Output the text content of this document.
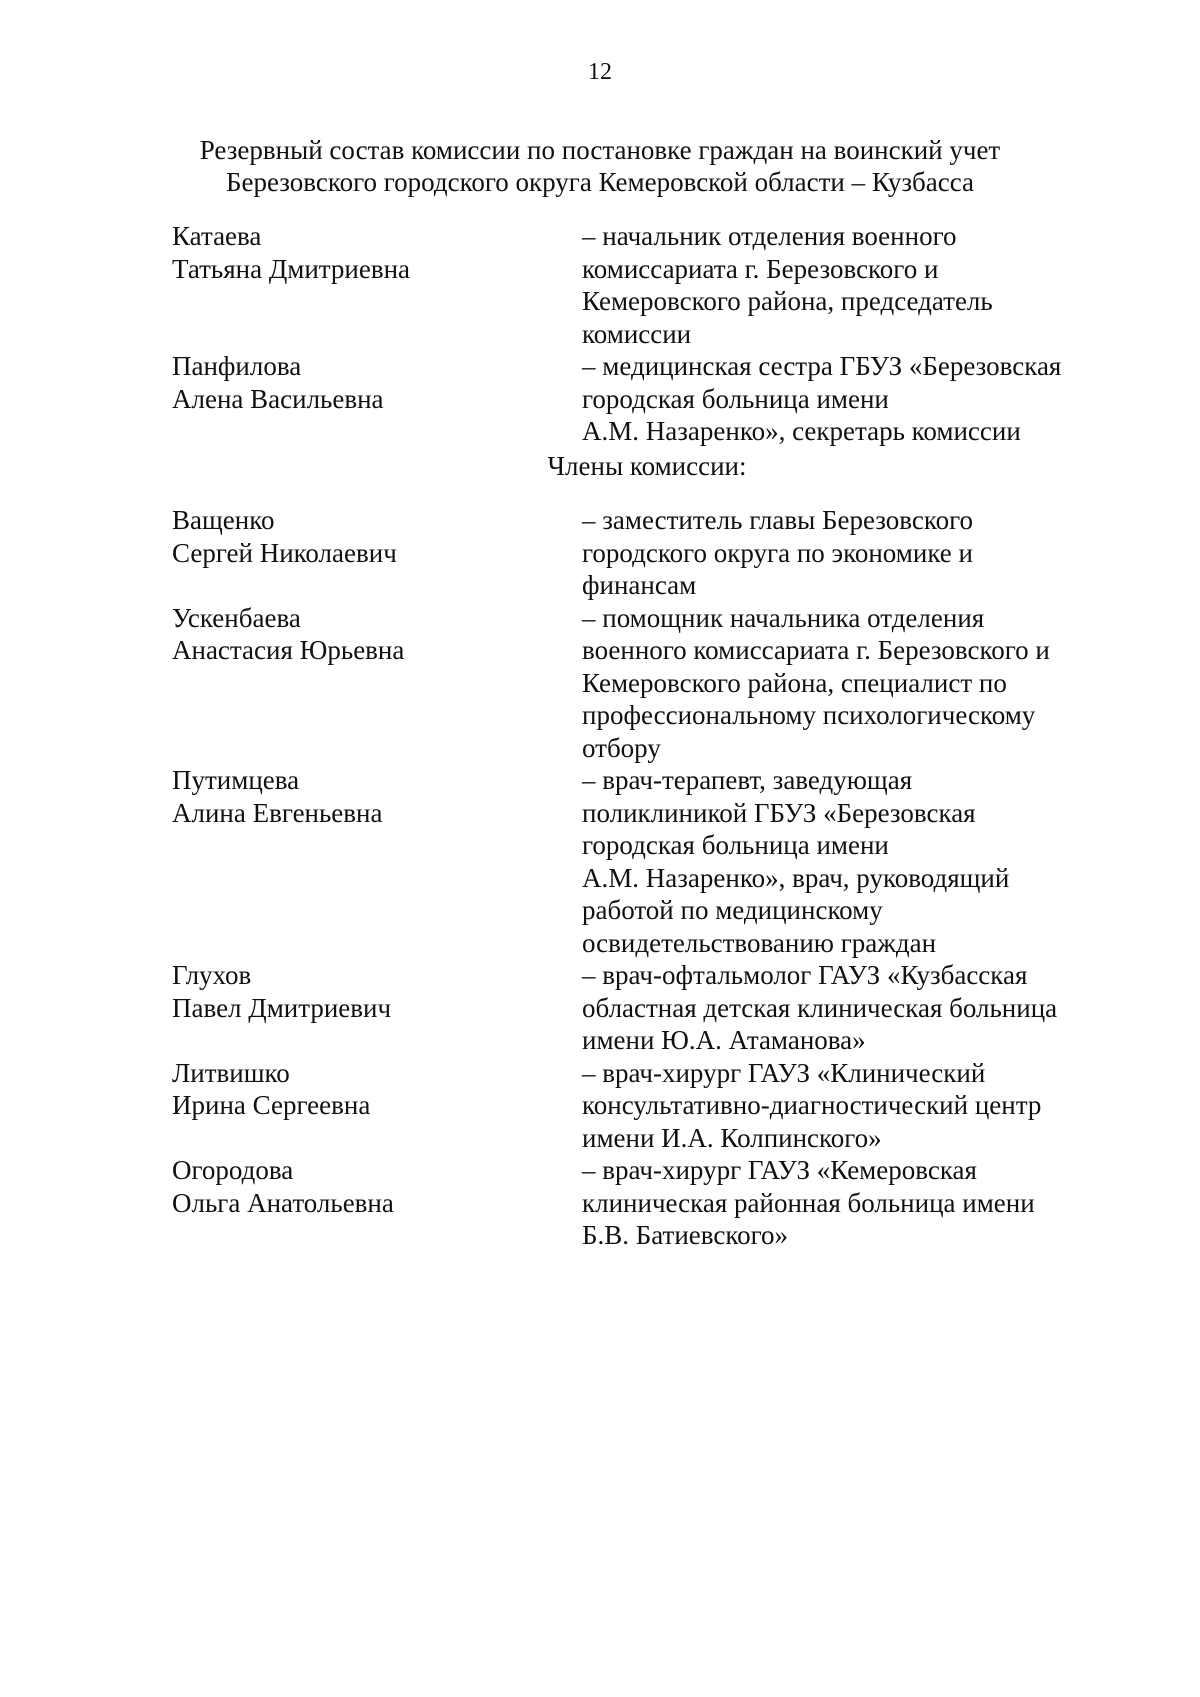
12
Резервный состав комиссии по постановке граждан на воинский учет
Березовского городского округа Кемеровской области – Кузбасса
Катаева
Татьяна Дмитриевна
– начальник отделения военного
комиссариата г. Березовского и
Кемеровского района, председатель
комиссии
Панфилова
Алена Васильевна
– медицинская сестра ГБУЗ «Березовская
городская больница имени
А.М. Назаренко», секретарь комиссии
Члены комиссии:
Ващенко
Сергей Николаевич
– заместитель главы Березовского
городского округа по экономике и
финансам
Ускенбаева
Анастасия Юрьевна
– помощник начальника отделения
военного комиссариата г. Березовского и
Кемеровского района, специалист по
профессиональному психологическому
отбору
Путимцева
Алина Евгеньевна
– врач-терапевт, заведующая
поликлиникой ГБУЗ «Березовская
городская больница имени
А.М. Назаренко», врач, руководящий
работой по медицинскому
освидетельствованию граждан
Глухов
Павел Дмитриевич
– врач-офтальмолог ГАУЗ «Кузбасская
областная детская клиническая больница
имени Ю.А. Атаманова»
Литвишко
Ирина Сергеевна
– врач-хирург ГАУЗ «Клинический
консультативно-диагностический центр
имени И.А. Колпинского»
Огородова
Ольга Анатольевна
– врач-хирург ГАУЗ «Кемеровская
клиническая районная больница имени
Б.В. Батиевского»
